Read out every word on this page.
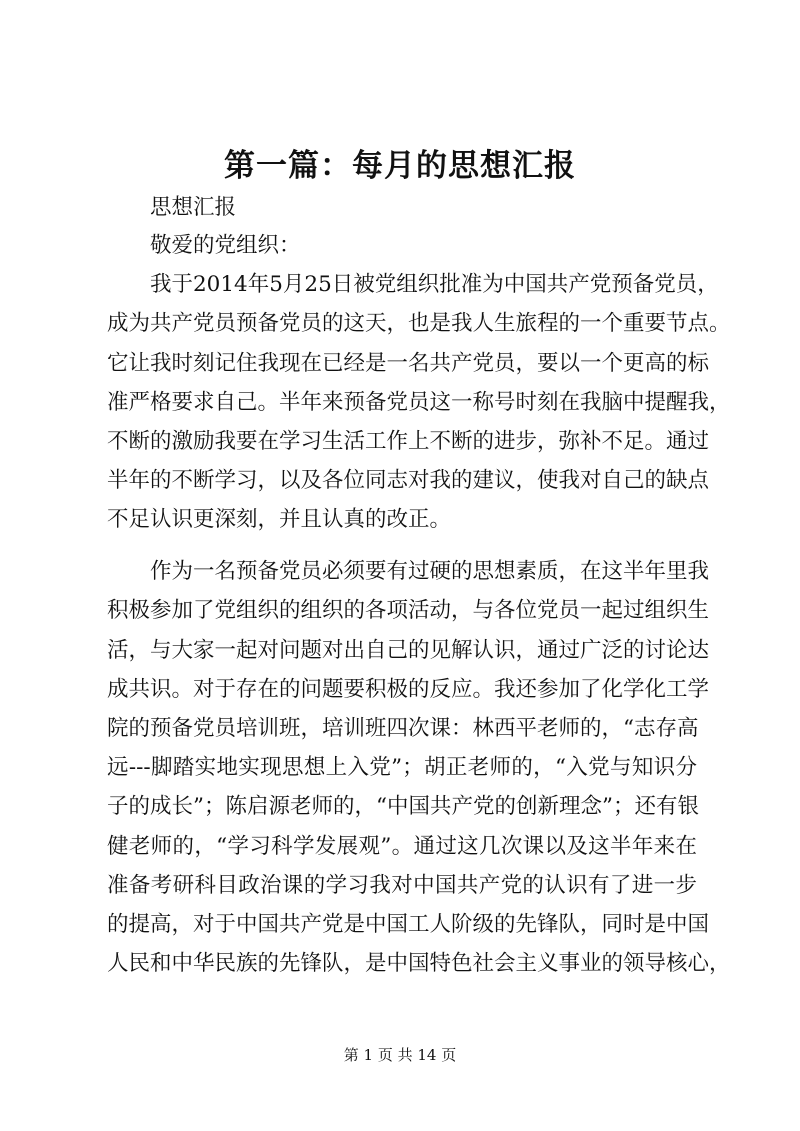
第一篇：每月的思想汇报
思想汇报
敬爱的党组织：
我于2014年5月25日被党组织批准为中国共产党预备党员，
成为共产党员预备党员的这天，也是我人生旅程的一个重要节点。
它让我时刻记住我现在已经是一名共产党员，要以一个更高的标
准严格要求自己。半年来预备党员这一称号时刻在我脑中提醒我，
不断的激励我要在学习生活工作上不断的进步，弥补不足。通过
半年的不断学习，以及各位同志对我的建议，使我对自己的缺点
不足认识更深刻，并且认真的改正。
作为一名预备党员必须要有过硬的思想素质，在这半年里我
积极参加了党组织的组织的各项活动，与各位党员一起过组织生
活，与大家一起对问题对出自己的见解认识，通过广泛的讨论达
成共识。对于存在的问题要积极的反应。我还参加了化学化工学
院的预备党员培训班，培训班四次课：林西平老师的，“志存高
远---脚踏实地实现思想上入党”；胡正老师的，“入党与知识分
子的成长”；陈启源老师的，“中国共产党的创新理念”；还有银
健老师的，“学习科学发展观”。通过这几次课以及这半年来在
准备考研科目政治课的学习我对中国共产党的认识有了进一步
的提高，对于中国共产党是中国工人阶级的先锋队，同时是中国
人民和中华民族的先锋队，是中国特色社会主义事业的领导核心，
第 1 页 共 14 页
